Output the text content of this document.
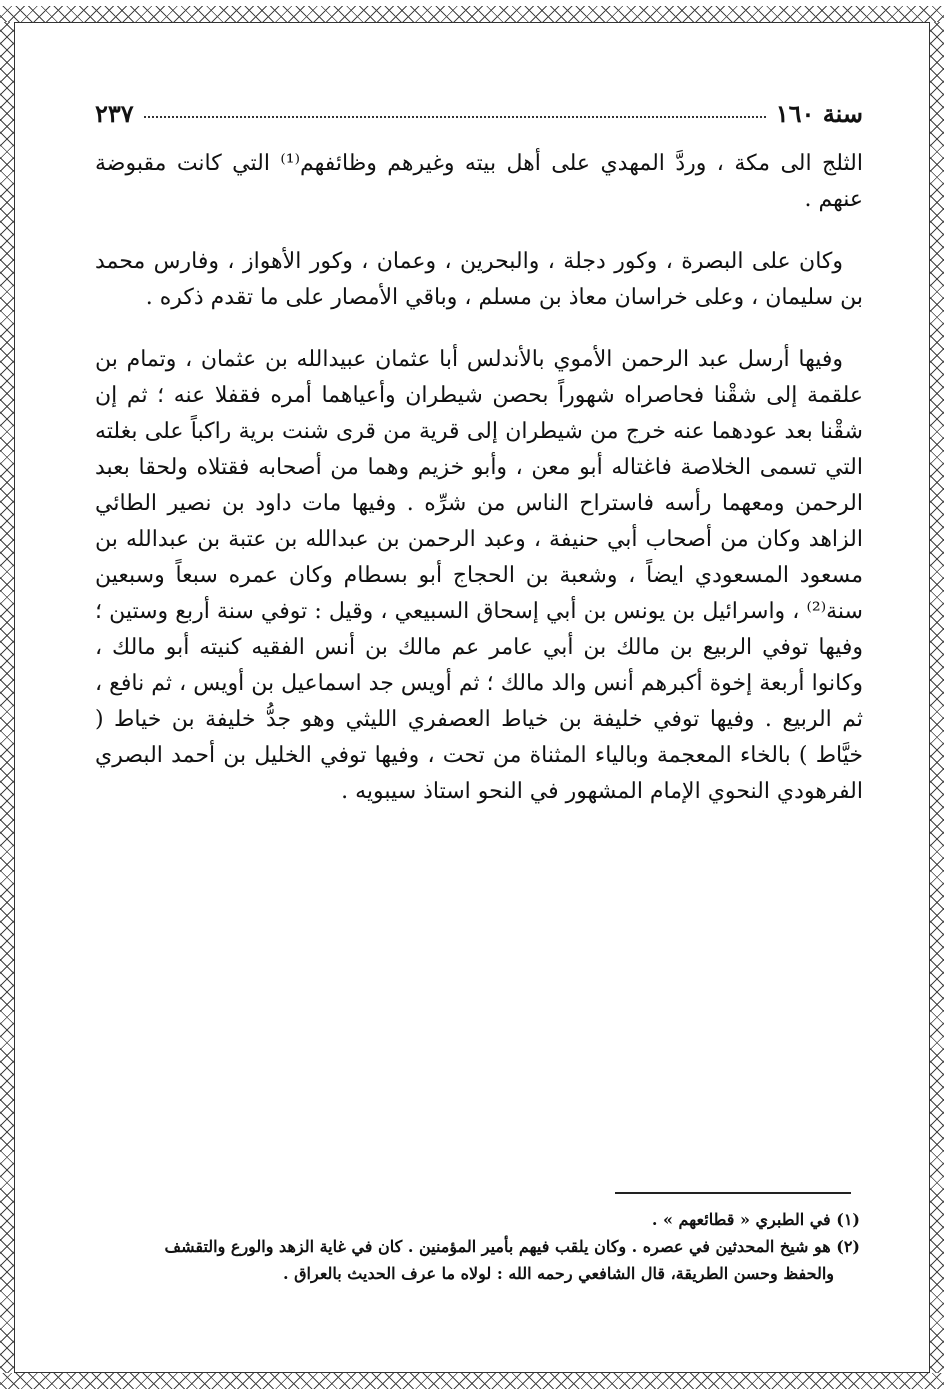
سنة ١٦٠
٢٣٧

الثلج الى مكة ، وردَّ المهدي على أهل بيته وغيرهم وظائفهم⁽¹⁾ التي كانت مقبوضة عنهم .

وكان على البصرة ، وكور دجلة ، والبحرين ، وعمان ، وكور الأهواز ، وفارس محمد بن سليمان ، وعلى خراسان معاذ بن مسلم ، وباقي الأمصار على ما تقدم ذكره .

وفيها أرسل عبد الرحمن الأموي بالأندلس أبا عثمان عبيدالله بن عثمان ، وتمام بن علقمة إلى شقْنا فحاصراه شهوراً بحصن شيطران وأعياهما أمره فقفلا عنه ؛ ثم إن شقْنا بعد عودهما عنه خرج من شيطران إلى قرية من قرى شنت برية راكباً على بغلته التي تسمى الخلاصة فاغتاله أبو معن ، وأبو خزيم وهما من أصحابه فقتلاه ولحقا بعبد الرحمن ومعهما رأسه فاستراح الناس من شرِّه . وفيها مات داود بن نصير الطائي الزاهد وكان من أصحاب أبي حنيفة ، وعبد الرحمن بن عبدالله بن عتبة بن عبدالله بن مسعود المسعودي ايضاً ، وشعبة بن الحجاج أبو بسطام وكان عمره سبعاً وسبعين سنة⁽²⁾ ، واسرائيل بن يونس بن أبي إسحاق السبيعي ، وقيل : توفي سنة أربع وستين ؛ وفيها توفي الربيع بن مالك بن أبي عامر عم مالك بن أنس الفقيه كنيته أبو مالك ، وكانوا أربعة إخوة أكبرهم أنس والد مالك ؛ ثم أويس جد اسماعيل بن أويس ، ثم نافع ، ثم الربيع . وفيها توفي خليفة بن خياط العصفري الليثي وهو جدُّ خليفة بن خياط ( خيَّاط ) بالخاء المعجمة وبالياء المثناة من تحت ، وفيها توفي الخليل بن أحمد البصري الفرهودي النحوي الإمام المشهور في النحو استاذ سيبويه .

(١) في الطبري « قطائعهم » .

(٢) هو شيخ المحدثين في عصره . وكان يلقب فيهم بأمير المؤمنين . كان في غاية الزهد والورع والتقشف

والحفظ وحسن الطريقة، قال الشافعي رحمه الله : لولاه ما عرف الحديث بالعراق .
